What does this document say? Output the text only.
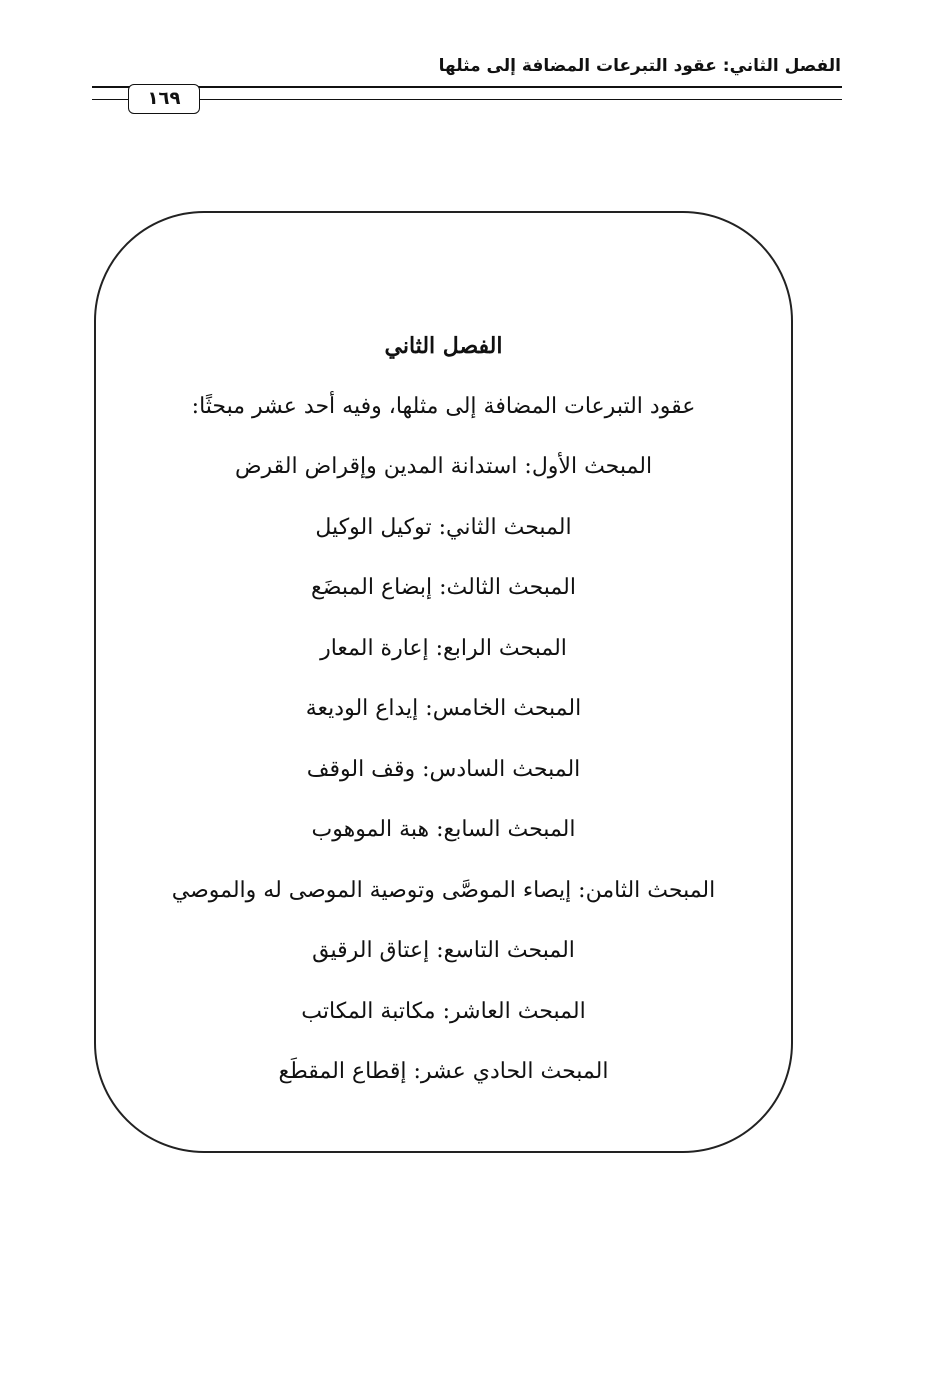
الفصل الثاني: عقود التبرعات المضافة إلى مثلها
١٦٩
الفصل الثاني
عقود التبرعات المضافة إلى مثلها، وفيه أحد عشر مبحثًا:
المبحث الأول: استدانة المدين وإقراض القرض
المبحث الثاني: توكيل الوكيل
المبحث الثالث: إبضاع المبضَع
المبحث الرابع: إعارة المعار
المبحث الخامس: إيداع الوديعة
المبحث السادس: وقف الوقف
المبحث السابع: هبة الموهوب
المبحث الثامن: إيصاء الموصَّى وتوصية الموصى له والموصي
المبحث التاسع: إعتاق الرقيق
المبحث العاشر: مكاتبة المكاتب
المبحث الحادي عشر: إقطاع المقطَع
